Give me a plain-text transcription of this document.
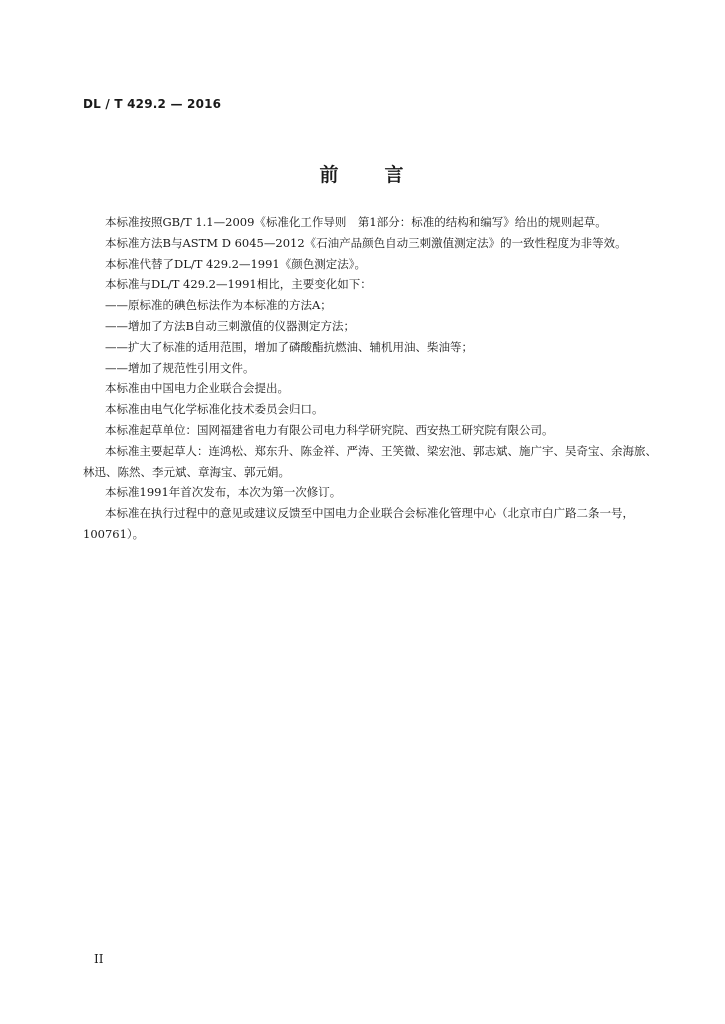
DL / T 429.2 — 2016
前 言

本标准按照GB/T 1.1—2009《标准化工作导则　第1部分：标准的结构和编写》给出的规则起草。

本标准方法B与ASTM D 6045—2012《石油产品颜色自动三刺激值测定法》的一致性程度为非等效。

本标准代替了DL/T 429.2—1991《颜色测定法》。

本标准与DL/T 429.2—1991相比，主要变化如下：

——原标准的碘色标法作为本标准的方法A；

——增加了方法B自动三刺激值的仪器测定方法；

——扩大了标准的适用范围，增加了磷酸酯抗燃油、辅机用油、柴油等；

——增加了规范性引用文件。

本标准由中国电力企业联合会提出。

本标准由电气化学标准化技术委员会归口。

本标准起草单位：国网福建省电力有限公司电力科学研究院、西安热工研究院有限公司。

本标准主要起草人：连鸿松、郑东升、陈金祥、严涛、王笑微、梁宏池、郭志斌、施广宇、吴奇宝、余海旅、林迅、陈然、李元斌、章海宝、郭元娟。

本标准1991年首次发布，本次为第一次修订。

本标准在执行过程中的意见或建议反馈至中国电力企业联合会标准化管理中心（北京市白广路二条一号，100761）。

II
